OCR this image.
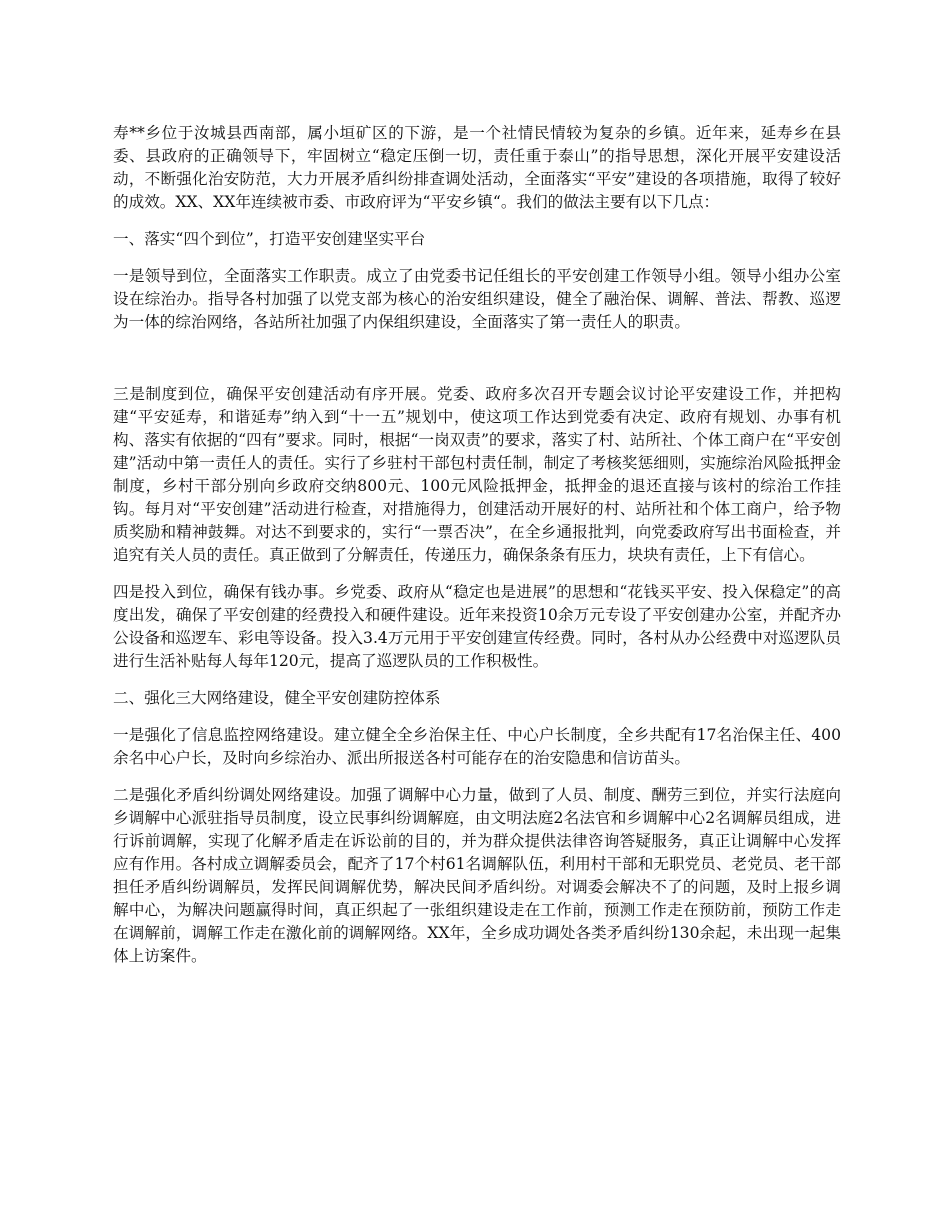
寿**乡位于汝城县西南部，属小垣矿区的下游，是一个社情民情较为复杂的乡镇。近年来，延寿乡在县委、县政府的正确领导下，牢固树立“稳定压倒一切，责任重于泰山”的指导思想，深化开展平安建设活动，不断强化治安防范，大力开展矛盾纠纷排查调处活动，全面落实“平安”建设的各项措施，取得了较好的成效。XX、XX年连续被市委、市政府评为“平安乡镇“。我们的做法主要有以下几点：

一、落实“四个到位”，打造平安创建坚实平台

一是领导到位，全面落实工作职责。成立了由党委书记任组长的平安创建工作领导小组。领导小组办公室设在综治办。指导各村加强了以党支部为核心的治安组织建设，健全了融治保、调解、普法、帮教、巡逻为一体的综治网络，各站所社加强了内保组织建设，全面落实了第一责任人的职责。

三是制度到位，确保平安创建活动有序开展。党委、政府多次召开专题会议讨论平安建设工作，并把构建“平安延寿，和谐延寿”纳入到“十一五”规划中，使这项工作达到党委有决定、政府有规划、办事有机构、落实有依据的“四有”要求。同时，根据“一岗双责”的要求，落实了村、站所社、个体工商户在“平安创建”活动中第一责任人的责任。实行了乡驻村干部包村责任制，制定了考核奖惩细则，实施综治风险抵押金制度，乡村干部分别向乡政府交纳800元、100元风险抵押金，抵押金的退还直接与该村的综治工作挂钩。每月对“平安创建”活动进行检查，对措施得力，创建活动开展好的村、站所社和个体工商户，给予物质奖励和精神鼓舞。对达不到要求的，实行“一票否决”，在全乡通报批判，向党委政府写出书面检查，并追究有关人员的责任。真正做到了分解责任，传递压力，确保条条有压力，块块有责任，上下有信心。

四是投入到位，确保有钱办事。乡党委、政府从“稳定也是进展”的思想和“花钱买平安、投入保稳定”的高度出发，确保了平安创建的经费投入和硬件建设。近年来投资10余万元专设了平安创建办公室，并配齐办公设备和巡逻车、彩电等设备。投入3.4万元用于平安创建宣传经费。同时，各村从办公经费中对巡逻队员进行生活补贴每人每年120元，提高了巡逻队员的工作积极性。

二、强化三大网络建设，健全平安创建防控体系

一是强化了信息监控网络建设。建立健全全乡治保主任、中心户长制度，全乡共配有17名治保主任、400余名中心户长，及时向乡综治办、派出所报送各村可能存在的治安隐患和信访苗头。

二是强化矛盾纠纷调处网络建设。加强了调解中心力量，做到了人员、制度、酬劳三到位，并实行法庭向乡调解中心派驻指导员制度，设立民事纠纷调解庭，由文明法庭2名法官和乡调解中心2名调解员组成，进行诉前调解，实现了化解矛盾走在诉讼前的目的，并为群众提供法律咨询答疑服务，真正让调解中心发挥应有作用。各村成立调解委员会，配齐了17个村61名调解队伍，利用村干部和无职党员、老党员、老干部担任矛盾纠纷调解员，发挥民间调解优势，解决民间矛盾纠纷。对调委会解决不了的问题，及时上报乡调解中心，为解决问题赢得时间，真正织起了一张组织建设走在工作前，预测工作走在预防前，预防工作走在调解前，调解工作走在激化前的调解网络。XX年，全乡成功调处各类矛盾纠纷130余起，未出现一起集体上访案件。
